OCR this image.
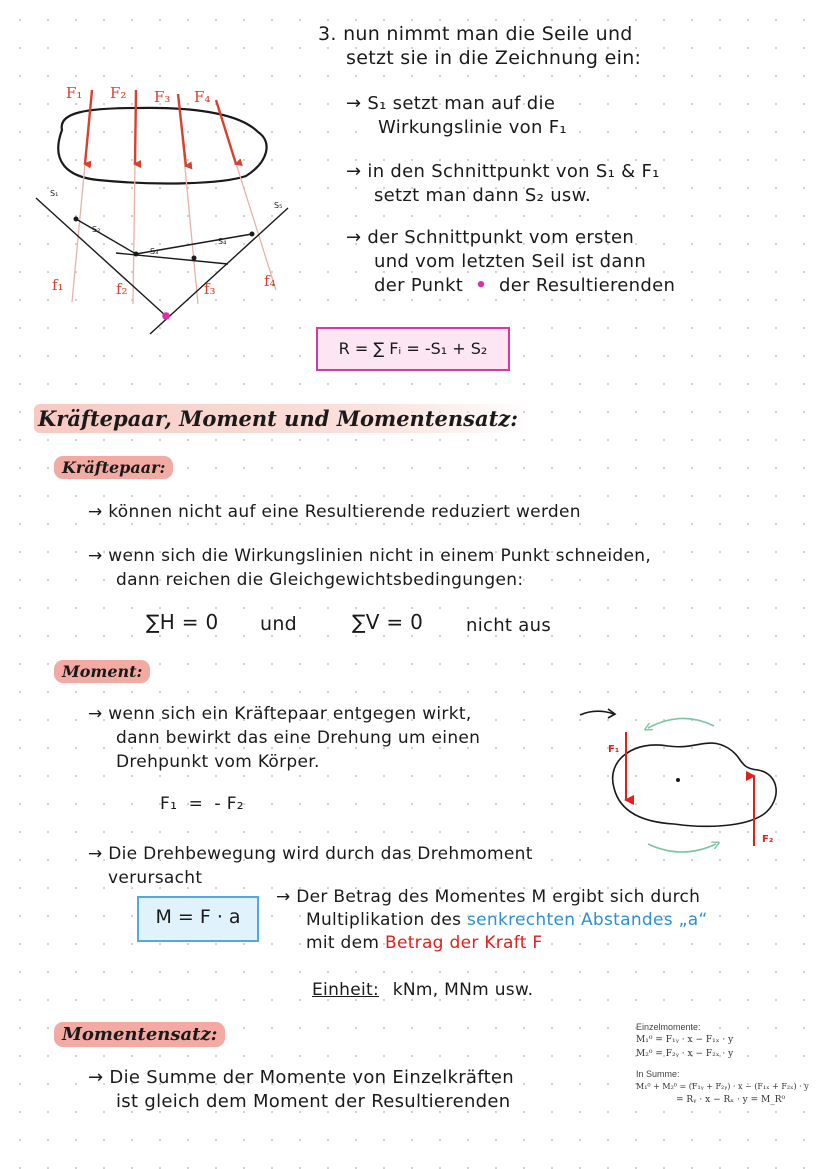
3. nun nimmt man die Seile und
setzt sie in die Zeichnung ein:
→ S₁ setzt man auf die
Wirkungslinie von F₁
→ in den Schnittpunkt von S₁ & F₁
setzt man dann S₂ usw.
→ der Schnittpunkt vom ersten
und vom letzten Seil ist dann
der Punkt • der Resultierenden
F₁ F₂ F₃ F₄
f₁	f₂	f₃	f₄
S₁
S₂
S₃
S₄
S₅
R = ∑ Fᵢ = -S₁ + S₂
Kräftepaar, Moment und Momentensatz:
Kräftepaar:
→ können nicht auf eine Resultierende reduziert werden
→ wenn sich die Wirkungslinien nicht in einem Punkt schneiden,
dann reichen die Gleichgewichtsbedingungen:
∑H = 0 und	∑V = 0 nicht aus
Moment:
→ wenn sich ein Kräftepaar entgegen wirkt,
dann bewirkt das eine Drehung um einen
Drehpunkt vom Körper.
F₁  =  - F₂
→ Die Drehbewegung wird durch das Drehmoment
verursacht
F₁
F₂
M = F · a
→ Der Betrag des Momentes M ergibt sich durch
Multiplikation des senkrechten Abstandes „a“
mit dem Betrag der Kraft F
Einheit: kNm, MNm usw.
Momentensatz:
→ Die Summe der Momente von Einzelkräften
ist gleich dem Moment der Resultierenden
Einzelmomente:
M₁⁰ = F₁ᵧ · x − F₁ₓ · y
M₂⁰ = F₂ᵧ · x − F₂ₓ · y
In Summe:
M₁⁰ + M₂⁰ = (F₁ᵧ + F₂ᵧ) · x − (F₁ₓ + F₂ₓ) · y
= Rᵧ · x − Rₓ · y = M_R⁰
